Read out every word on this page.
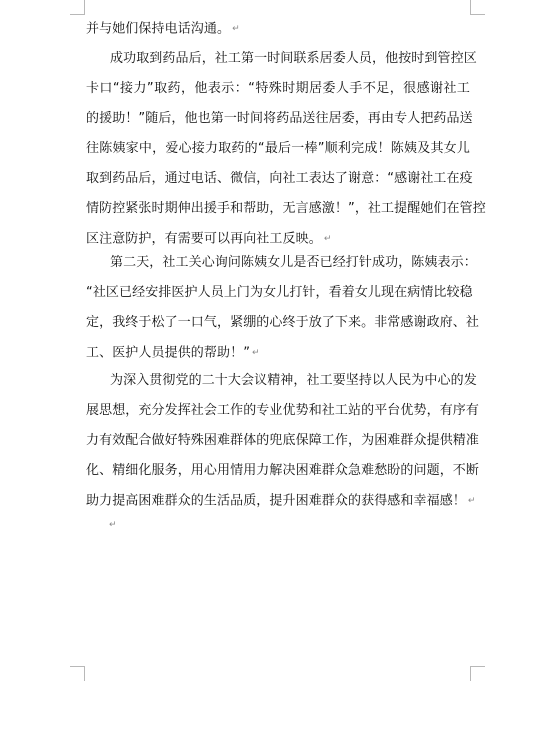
并与她们保持电话沟通。 ↵
成功取到药品后，社工第一时间联系居委人员，他按时到管控区
卡口“接力”取药，他表示：“特殊时期居委人手不足，很感谢社工
的援助！”随后，他也第一时间将药品送往居委，再由专人把药品送
往陈姨家中，爱心接力取药的“最后一棒”顺利完成！陈姨及其女儿
取到药品后，通过电话、微信，向社工表达了谢意：“感谢社工在疫
情防控紧张时期伸出援手和帮助，无言感激！”，社工提醒她们在管控
区注意防护，有需要可以再向社工反映。 ↵
第二天，社工关心询问陈姨女儿是否已经打针成功，陈姨表示：
“社区已经安排医护人员上门为女儿打针，看着女儿现在病情比较稳
定，我终于松了一口气，紧绷的心终于放了下来。非常感谢政府、社
工、医护人员提供的帮助！” ↵
为深入贯彻党的二十大会议精神，社工要坚持以人民为中心的发
展思想，充分发挥社会工作的专业优势和社工站的平台优势，有序有
力有效配合做好特殊困难群体的兜底保障工作，为困难群众提供精准
化、精细化服务，用心用情用力解决困难群众急难愁盼的问题，不断
助力提高困难群众的生活品质，提升困难群众的获得感和幸福感！ ↵
↵
